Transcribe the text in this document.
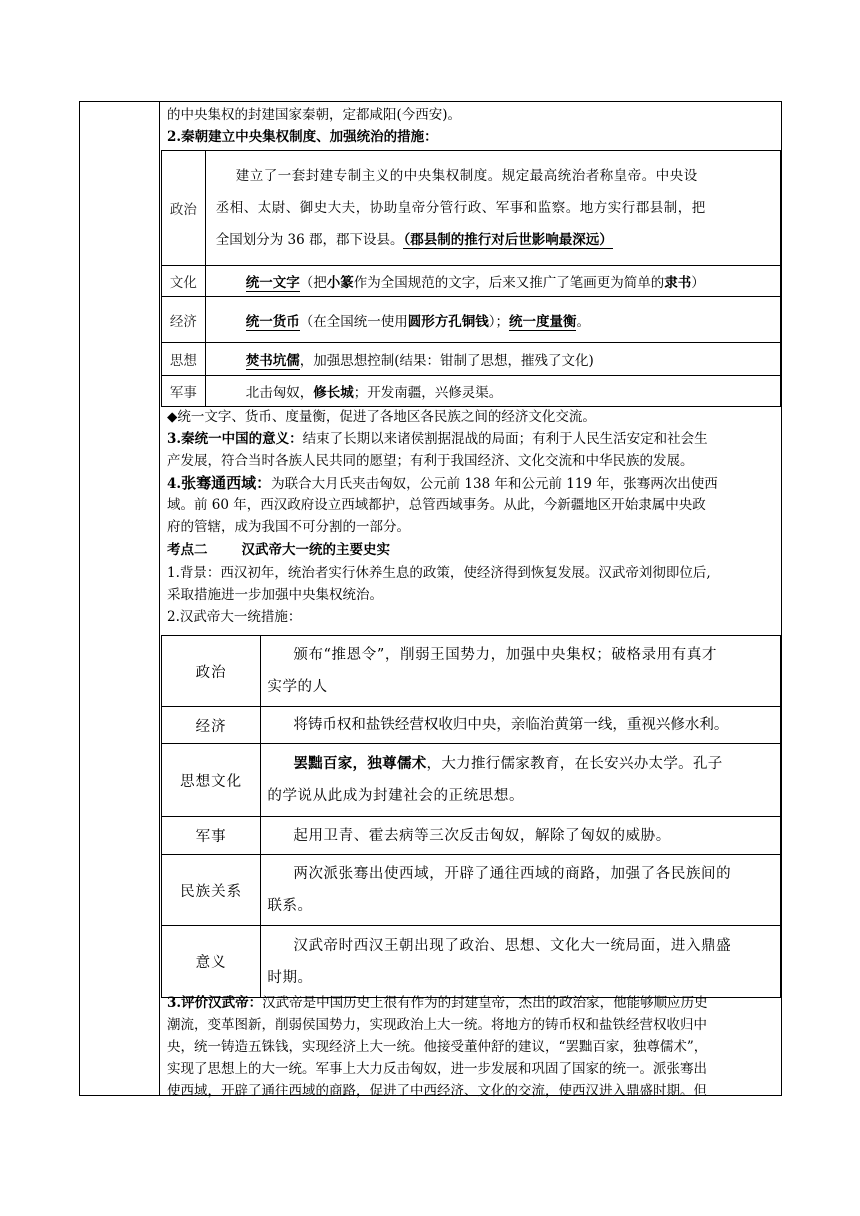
的中央集权的封建国家秦朝，定都咸阳(今西安)。
2.秦朝建立中央集权制度、加强统治的措施：
政治	建立了一套封建专制主义的中央集权制度。规定最高统治者称皇帝。中央设
丞相、太尉、御史大夫，协助皇帝分管行政、军事和监察。地方实行郡县制，把
全国划分为 36 郡，郡下设县。（郡县制的推行对后世影响最深远）

文化	统一文字（把小篆作为全国规范的文字，后来又推广了笔画更为简单的隶书）
经济	统一货币（在全国统一使用圆形方孔铜钱）；统一度量衡。
思想	焚书坑儒，加强思想控制(结果：钳制了思想，摧残了文化)
军事	北击匈奴，修长城；开发南疆，兴修灵渠。
◆统一文字、货币、度量衡，促进了各地区各民族之间的经济文化交流。
3.秦统一中国的意义：结束了长期以来诸侯割据混战的局面；有利于人民生活安定和社会生
产发展，符合当时各族人民共同的愿望；有利于我国经济、文化交流和中华民族的发展。
4.张骞通西域：为联合大月氏夹击匈奴，公元前 138 年和公元前 119 年，张骞两次出使西
域。前 60 年，西汉政府设立西域都护，总管西域事务。从此，今新疆地区开始隶属中央政
府的管辖，成为我国不可分割的一部分。
考点二	汉武帝大一统的主要史实
1.背景：西汉初年，统治者实行休养生息的政策，使经济得到恢复发展。汉武帝刘彻即位后,
采取措施进一步加强中央集权统治。
2.汉武帝大一统措施：
政治	颁布“推恩令”，削弱王国势力，加强中央集权；破格录用有真才
实学的人

经济	将铸币权和盐铁经营权收归中央，亲临治黄第一线，重视兴修水利。

思想文化	罢黜百家，独尊儒术，大力推行儒家教育，在长安兴办太学。孔子
的学说从此成为封建社会的正统思想。

军事	起用卫青、霍去病等三次反击匈奴，解除了匈奴的威胁。

民族关系	两次派张骞出使西域，开辟了通往西域的商路，加强了各民族间的
联系。

意义	汉武帝时西汉王朝出现了政治、思想、文化大一统局面，进入鼎盛
时期。
3.评价汉武帝：汉武帝是中国历史上很有作为的封建皇帝，杰出的政治家，他能够顺应历史
潮流，变革图新，削弱侯国势力，实现政治上大一统。将地方的铸币权和盐铁经营权收归中
央，统一铸造五铢钱，实现经济上大一统。他接受董仲舒的建议，“罢黜百家，独尊儒术”，
实现了思想上的大一统。军事上大力反击匈奴，进一步发展和巩固了国家的统一。派张骞出
使西域，开辟了通往西域的商路，促进了中西经济、文化的交流，使西汉进入鼎盛时期。但
